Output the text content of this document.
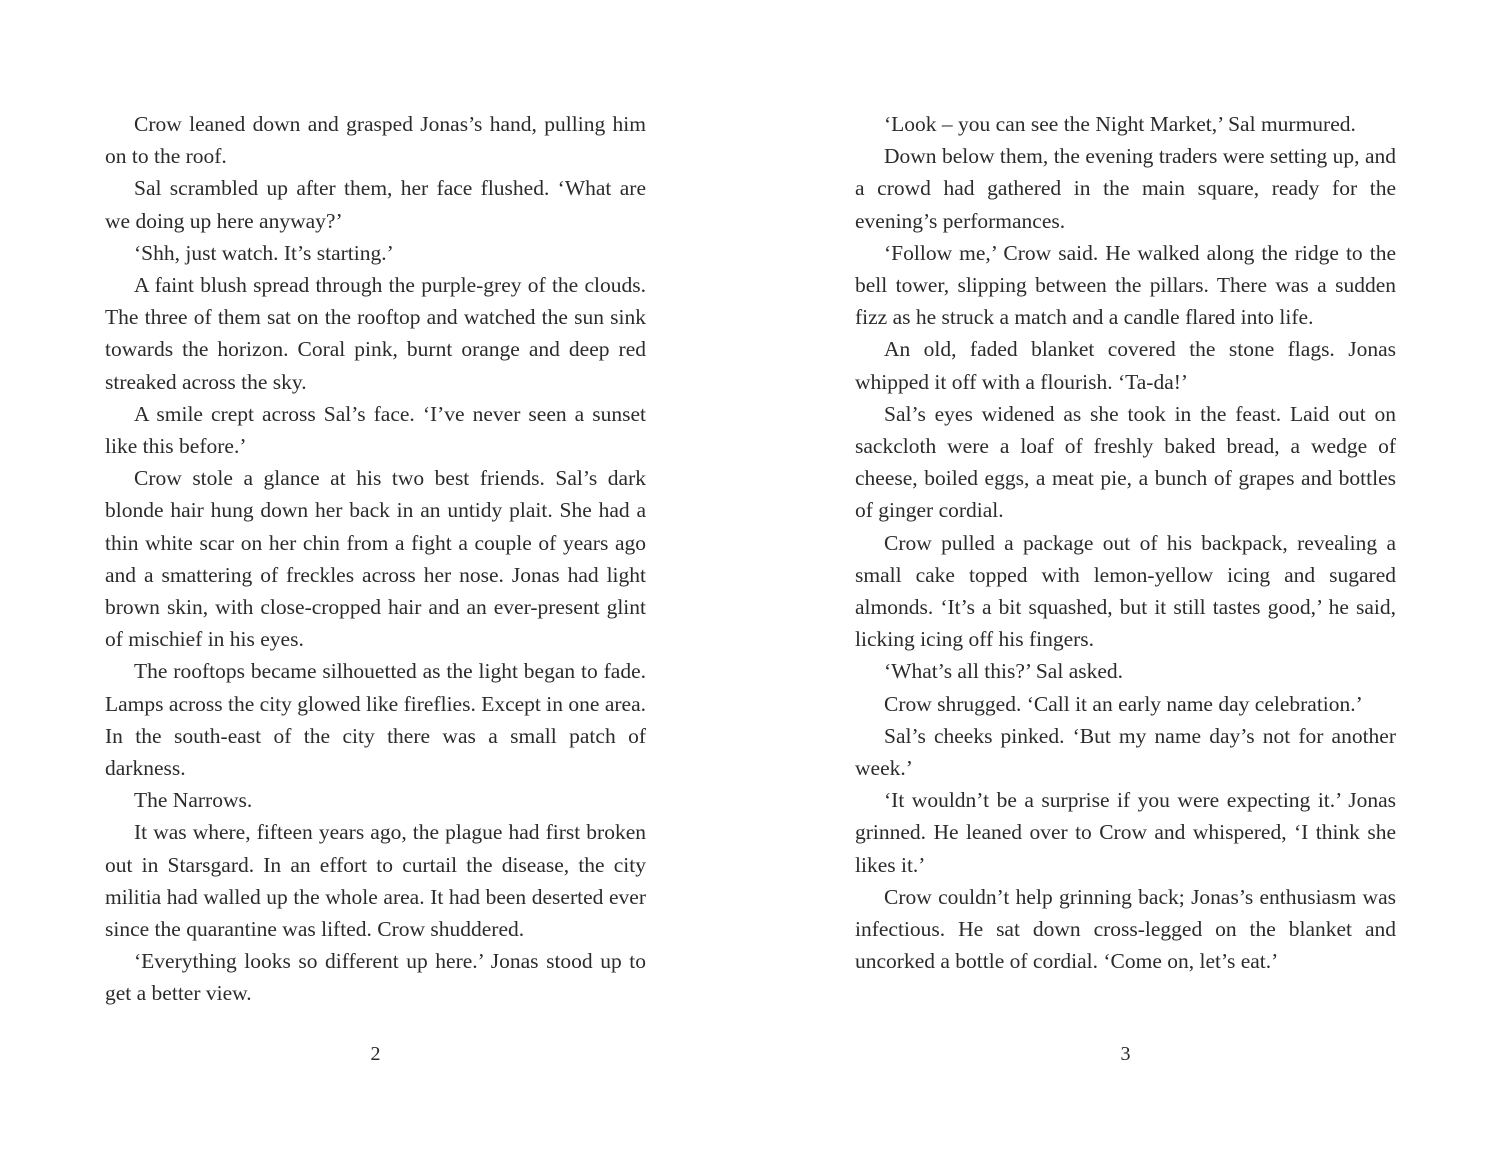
Crow leaned down and grasped Jonas’s hand, pulling him on to the roof.

Sal scrambled up after them, her face flushed. ‘What are we doing up here anyway?’

‘Shh, just watch. It’s starting.’

A faint blush spread through the purple-grey of the clouds. The three of them sat on the rooftop and watched the sun sink towards the horizon. Coral pink, burnt orange and deep red streaked across the sky.

A smile crept across Sal’s face. ‘I’ve never seen a sunset like this before.’

Crow stole a glance at his two best friends. Sal’s dark blonde hair hung down her back in an untidy plait. She had a thin white scar on her chin from a fight a couple of years ago and a smattering of freckles across her nose. Jonas had light brown skin, with close-cropped hair and an ever-present glint of mischief in his eyes.

The rooftops became silhouetted as the light began to fade. Lamps across the city glowed like fireflies. Except in one area. In the south-east of the city there was a small patch of darkness.

The Narrows.

It was where, fifteen years ago, the plague had first broken out in Starsgard. In an effort to curtail the disease, the city militia had walled up the whole area. It had been deserted ever since the quarantine was lifted. Crow shuddered.

‘Everything looks so different up here.’ Jonas stood up to get a better view.

2

‘Look – you can see the Night Market,’ Sal murmured.

Down below them, the evening traders were setting up, and a crowd had gathered in the main square, ready for the evening’s performances.

‘Follow me,’ Crow said. He walked along the ridge to the bell tower, slipping between the pillars. There was a sudden fizz as he struck a match and a candle flared into life.

An old, faded blanket covered the stone flags. Jonas whipped it off with a flourish. ‘Ta-da!’

Sal’s eyes widened as she took in the feast. Laid out on sackcloth were a loaf of freshly baked bread, a wedge of cheese, boiled eggs, a meat pie, a bunch of grapes and bottles of ginger cordial.

Crow pulled a package out of his backpack, revealing a small cake topped with lemon-yellow icing and sugared almonds. ‘It’s a bit squashed, but it still tastes good,’ he said, licking icing off his fingers.

‘What’s all this?’ Sal asked.

Crow shrugged. ‘Call it an early name day celebration.’

Sal’s cheeks pinked. ‘But my name day’s not for another week.’

‘It wouldn’t be a surprise if you were expecting it.’ Jonas grinned. He leaned over to Crow and whispered, ‘I think she likes it.’

Crow couldn’t help grinning back; Jonas’s enthusiasm was infectious. He sat down cross-legged on the blanket and uncorked a bottle of cordial. ‘Come on, let’s eat.’

3
